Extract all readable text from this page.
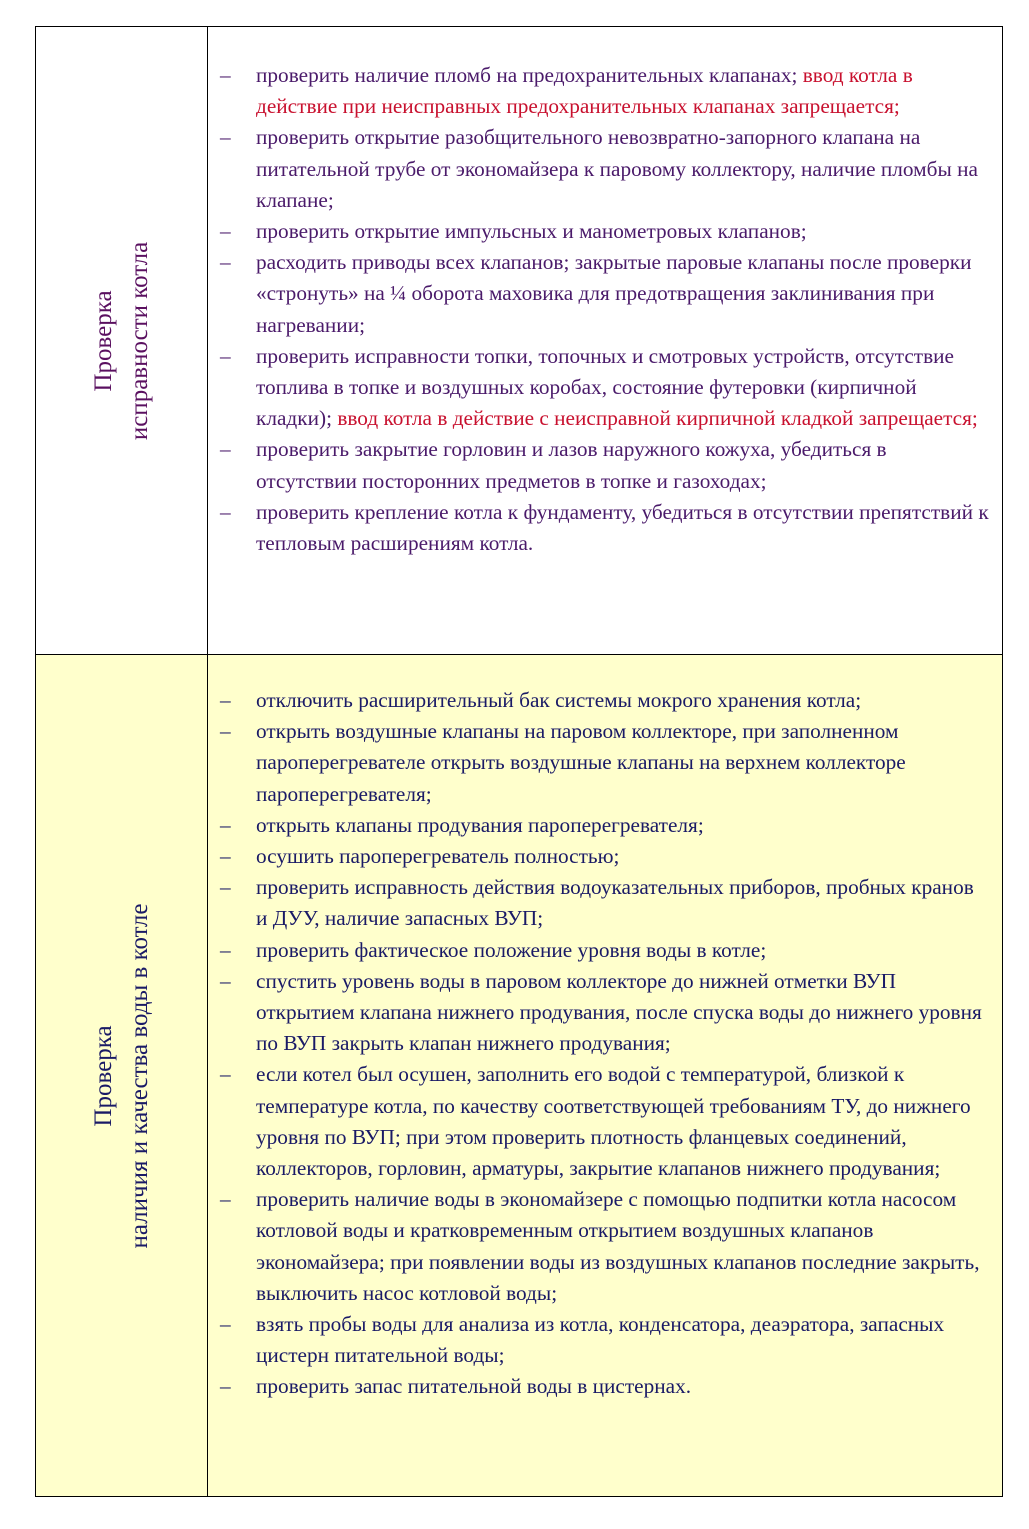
Проверка исправности котла
– проверить наличие пломб на предохранительных клапанах; ввод котла в действие при неисправных предохранительных клапанах запрещается;
– проверить открытие разобщительного невозвратно-запорного клапана на питательной трубе от экономайзера к паровому коллектору, наличие пломбы на клапане;
– проверить открытие импульсных и манометровых клапанов;
– расходить приводы всех клапанов; закрытые паровые клапаны после проверки «стронуть» на ¼ оборота маховика для предотвращения заклинивания при нагревании;
– проверить исправности топки, топочных и смотровых устройств, отсутствие топлива в топке и воздушных коробах, состояние футеровки (кирпичной кладки); ввод котла в действие с неисправной кирпичной кладкой запрещается;
– проверить закрытие горловин и лазов наружного кожуха, убедиться в отсутствии посторонних предметов в топке и газоходах;
– проверить крепление котла к фундаменту, убедиться в отсутствии препятствий к тепловым расширениям котла.
Проверка наличия и качества воды в котле
– отключить расширительный бак системы мокрого хранения котла;
– открыть воздушные клапаны на паровом коллекторе, при заполненном пароперегревателе открыть воздушные клапаны на верхнем коллекторе пароперегревателя;
– открыть клапаны продувания пароперегревателя;
– осушить пароперегреватель полностью;
– проверить исправность действия водоуказательных приборов, пробных кранов и ДУУ, наличие запасных ВУП;
– проверить фактическое положение уровня воды в котле;
– спустить уровень воды в паровом коллекторе до нижней отметки ВУП открытием клапана нижнего продувания, после спуска воды до нижнего уровня по ВУП закрыть клапан нижнего продувания;
– если котел был осушен, заполнить его водой с температурой, близкой к температуре котла, по качеству соответствующей требованиям ТУ, до нижнего уровня по ВУП; при этом проверить плотность фланцевых соединений, коллекторов, горловин, арматуры, закрытие клапанов нижнего продувания;
– проверить наличие воды в экономайзере с помощью подпитки котла насосом котловой воды и кратковременным открытием воздушных клапанов экономайзера; при появлении воды из воздушных клапанов последние закрыть, выключить насос котловой воды;
– взять пробы воды для анализа из котла, конденсатора, деаэратора, запасных цистерн питательной воды;
– проверить запас питательной воды в цистернах.
